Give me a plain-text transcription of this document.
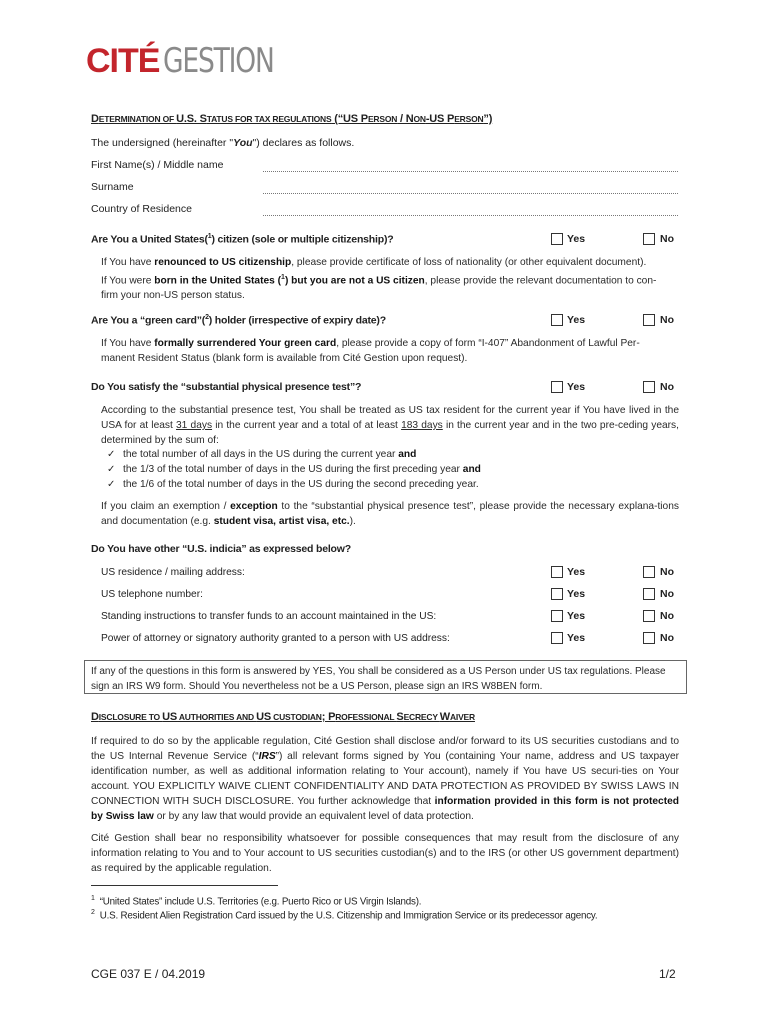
CITÉ GESTION
DETERMINATION OF U.S. STATUS FOR TAX REGULATIONS (“US PERSON / NON-US PERSON”)
The undersigned (hereinafter "You") declares as follows.
First Name(s) / Middle name
Surname
Country of Residence
Are You a United States($^1$) citizen (sole or multiple citizenship)?	Yes	No
If You have renounced to US citizenship, please provide certificate of loss of nationality (or other equivalent document).
If You were born in the United States ($^1$) but you are not a US citizen, please provide the relevant documentation to con-
firm your non-US person status.
Are You a “green card”($^2$) holder (irrespective of expiry date)?	Yes	No
If You have formally surrendered Your green card, please provide a copy of form “I-407” Abandonment of Lawful Per-
manent Resident Status (blank form is available from Cité Gestion upon request).
Do You satisfy the “substantial physical presence test”?	Yes	No
According to the substantial presence test, You shall be treated as US tax resident for the current year if You have lived in the USA for at least 31 days in the current year and a total of at least 183 days in the current year and in the two pre-ceding years, determined by the sum of:
✓ the total number of all days in the US during the current year and
✓ the 1/3 of the total number of days in the US during the first preceding year and
✓ the 1/6 of the total number of days in the US during the second preceding year.
If you claim an exemption / exception to the “substantial physical presence test”, please provide the necessary explana-tions and documentation (e.g. student visa, artist visa, etc.).
Do You have other “U.S. indicia” as expressed below?
US residence / mailing address:	Yes	No
US telephone number:	Yes	No
Standing instructions to transfer funds to an account maintained in the US:	Yes	No
Power of attorney or signatory authority granted to a person with US address:	Yes	No
If any of the questions in this form is answered by YES, You shall be considered as a US Person under US tax regulations. Please sign an IRS W9 form. Should You nevertheless not be a US Person, please sign an IRS W8BEN form.
DISCLOSURE TO US AUTHORITIES AND US CUSTODIAN; PROFESSIONAL SECRECY WAIVER
If required to do so by the applicable regulation, Cité Gestion shall disclose and/or forward to its US securities custodians and to the US Internal Revenue Service (“IRS”) all relevant forms signed by You (containing Your name, address and US taxpayer identification number, as well as additional information relating to Your account), namely if You have US securi-ties on Your account. YOU EXPLICITLY WAIVE CLIENT CONFIDENTIALITY AND DATA PROTECTION AS PROVIDED BY SWISS LAWS IN CONNECTION WITH SUCH DISCLOSURE. You further acknowledge that information provided in this form is not protected by Swiss law or by any law that would provide an equivalent level of data protection.
Cité Gestion shall bear no responsibility whatsoever for possible consequences that may result from the disclosure of any information relating to You and to Your account to US securities custodian(s) and to the IRS (or other US government department) as required by the applicable regulation.
$^1$ “United States” include U.S. Territories (e.g. Puerto Rico or US Virgin Islands).
$^2$ U.S. Resident Alien Registration Card issued by the U.S. Citizenship and Immigration Service or its predecessor agency.
CGE 037 E / 04.2019	1/2
